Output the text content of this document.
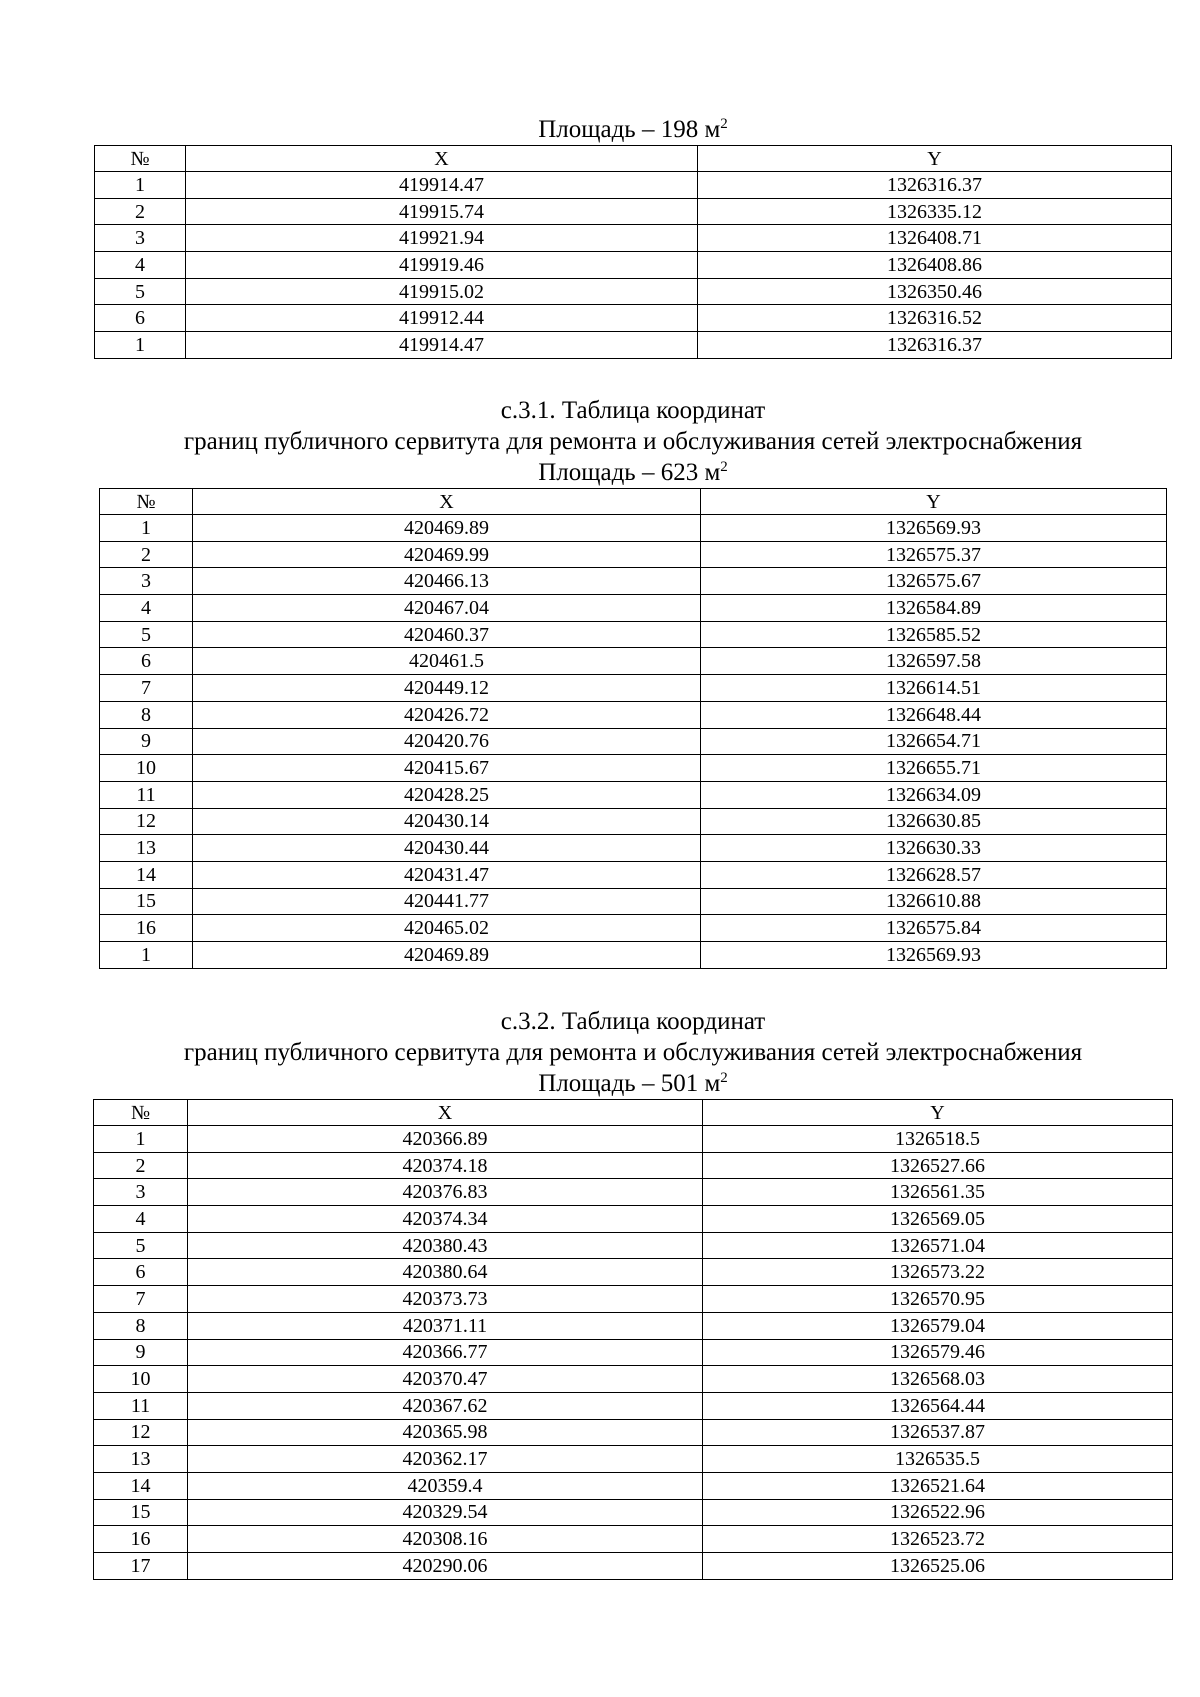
Площадь – 198 $м^2$
№	X	Y
1	419914.47	1326316.37
2	419915.74	1326335.12
3	419921.94	1326408.71
4	419919.46	1326408.86
5	419915.02	1326350.46
6	419912.44	1326316.52
1	419914.47	1326316.37
с.3.1. Таблица координат
границ публичного сервитута для ремонта и обслуживания сетей электроснабжения
Площадь – 623 $м^2$
№	X	Y
1	420469.89	1326569.93
2	420469.99	1326575.37
3	420466.13	1326575.67
4	420467.04	1326584.89
5	420460.37	1326585.52
6	420461.5	1326597.58
7	420449.12	1326614.51
8	420426.72	1326648.44
9	420420.76	1326654.71
10	420415.67	1326655.71
11	420428.25	1326634.09
12	420430.14	1326630.85
13	420430.44	1326630.33
14	420431.47	1326628.57
15	420441.77	1326610.88
16	420465.02	1326575.84
1	420469.89	1326569.93
с.3.2. Таблица координат
границ публичного сервитута для ремонта и обслуживания сетей электроснабжения
Площадь – 501 $м^2$
№	X	Y
1	420366.89	1326518.5
2	420374.18	1326527.66
3	420376.83	1326561.35
4	420374.34	1326569.05
5	420380.43	1326571.04
6	420380.64	1326573.22
7	420373.73	1326570.95
8	420371.11	1326579.04
9	420366.77	1326579.46
10	420370.47	1326568.03
11	420367.62	1326564.44
12	420365.98	1326537.87
13	420362.17	1326535.5
14	420359.4	1326521.64
15	420329.54	1326522.96
16	420308.16	1326523.72
17	420290.06	1326525.06
